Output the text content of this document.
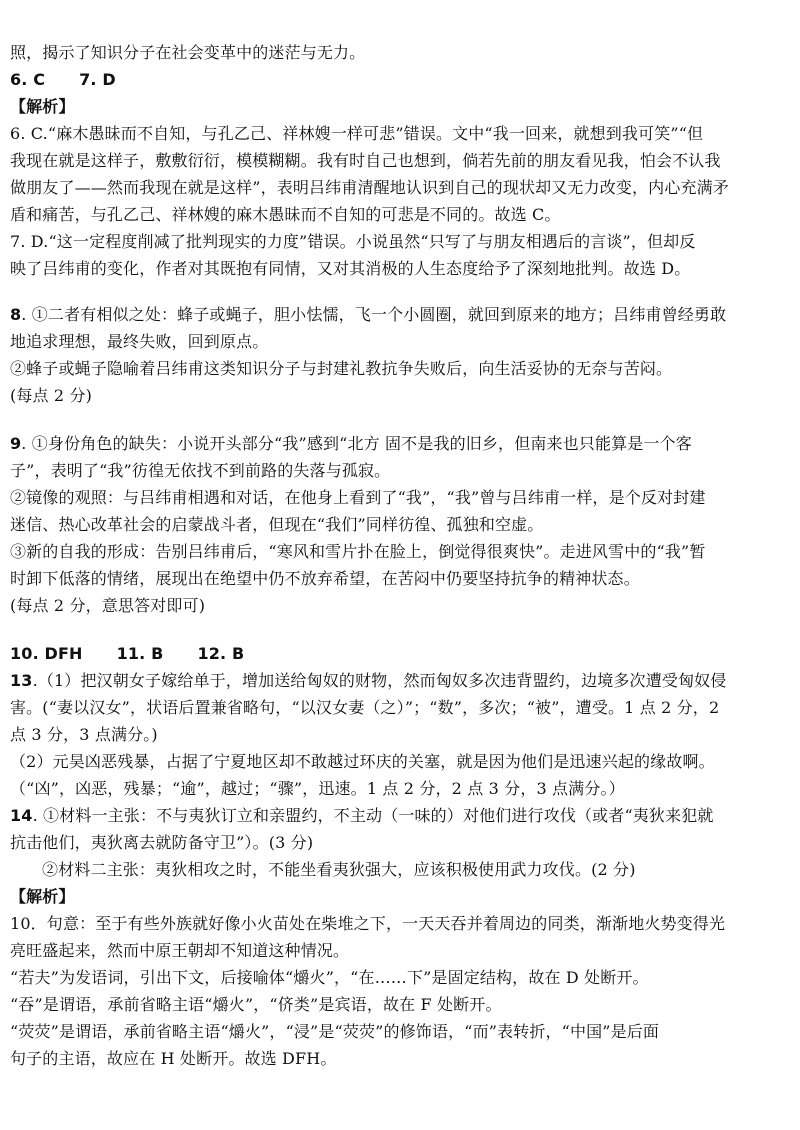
照，揭示了知识分子在社会变革中的迷茫与无力。

6. C 7. D

【解析】

6. C.“麻木愚昧而不自知，与孔乙己、祥林嫂一样可悲”错误。文中“我一回来，就想到我可笑”“但

我现在就是这样子，敷敷衍衍，模模糊糊。我有时自己也想到，倘若先前的朋友看见我，怕会不认我

做朋友了——然而我现在就是这样”，表明吕纬甫清醒地认识到自己的现状却又无力改变，内心充满矛

盾和痛苦，与孔乙己、祥林嫂的麻木愚昧而不自知的可悲是不同的。故选 C。

7. D.“这一定程度削减了批判现实的力度”错误。小说虽然“只写了与朋友相遇后的言谈”，但却反

映了吕纬甫的变化，作者对其既抱有同情，又对其消极的人生态度给予了深刻地批判。故选 D。

8. ①二者有相似之处：蜂子或蝇子，胆小怯懦，飞一个小圆圈，就回到原来的地方；吕纬甫曾经勇敢

地追求理想，最终失败，回到原点。

②蜂子或蝇子隐喻着吕纬甫这类知识分子与封建礼教抗争失败后，向生活妥协的无奈与苦闷。

(每点 2 分)

9. ①身份角色的缺失：小说开头部分“我”感到“北方 固不是我的旧乡，但南来也只能算是一个客

子”，表明了“我”彷徨无依找不到前路的失落与孤寂。

②镜像的观照：与吕纬甫相遇和对话，在他身上看到了“我”，“我”曾与吕纬甫一样，是个反对封建

迷信、热心改革社会的启蒙战斗者，但现在“我们”同样彷徨、孤独和空虚。

③新的自我的形成：告别吕纬甫后，“寒风和雪片扑在脸上，倒觉得很爽快”。走进风雪中的“我”暂

时卸下低落的情绪，展现出在绝望中仍不放弃希望，在苦闷中仍要坚持抗争的精神状态。

(每点 2 分，意思答对即可)

10. DFH 11. B 12. B

13.（1）把汉朝女子嫁给单于，增加送给匈奴的财物，然而匈奴多次违背盟约，边境多次遭受匈奴侵

害。(“妻以汉女”，状语后置兼省略句，“以汉女妻（之）”；“数”，多次；“被”，遭受。1 点 2 分，2

点 3 分，3 点满分。)

（2）元昊凶恶残暴，占据了宁夏地区却不敢越过环庆的关塞，就是因为他们是迅速兴起的缘故啊。

（“凶”，凶恶，残暴；“逾”，越过；“骤”，迅速。1 点 2 分，2 点 3 分，3 点满分。）

14. ①材料一主张：不与夷狄订立和亲盟约，不主动（一味的）对他们进行攻伐（或者“夷狄来犯就

抗击他们，夷狄离去就防备守卫”）。(3 分)

②材料二主张：夷狄相攻之时，不能坐看夷狄强大，应该积极使用武力攻伐。(2 分)

【解析】

10．句意：至于有些外族就好像小火苗处在柴堆之下，一天天吞并着周边的同类，渐渐地火势变得光

亮旺盛起来，然而中原王朝却不知道这种情况。

“若夫”为发语词，引出下文，后接喻体“爝火”，“在……下”是固定结构，故在 D 处断开。

“吞”是谓语，承前省略主语“爝火”，“侪类”是宾语，故在 F 处断开。

“荧荧”是谓语，承前省略主语“爝火”，“浸”是“荧荧”的修饰语，“而”表转折，“中国”是后面

句子的主语，故应在 H 处断开。故选 DFH。
